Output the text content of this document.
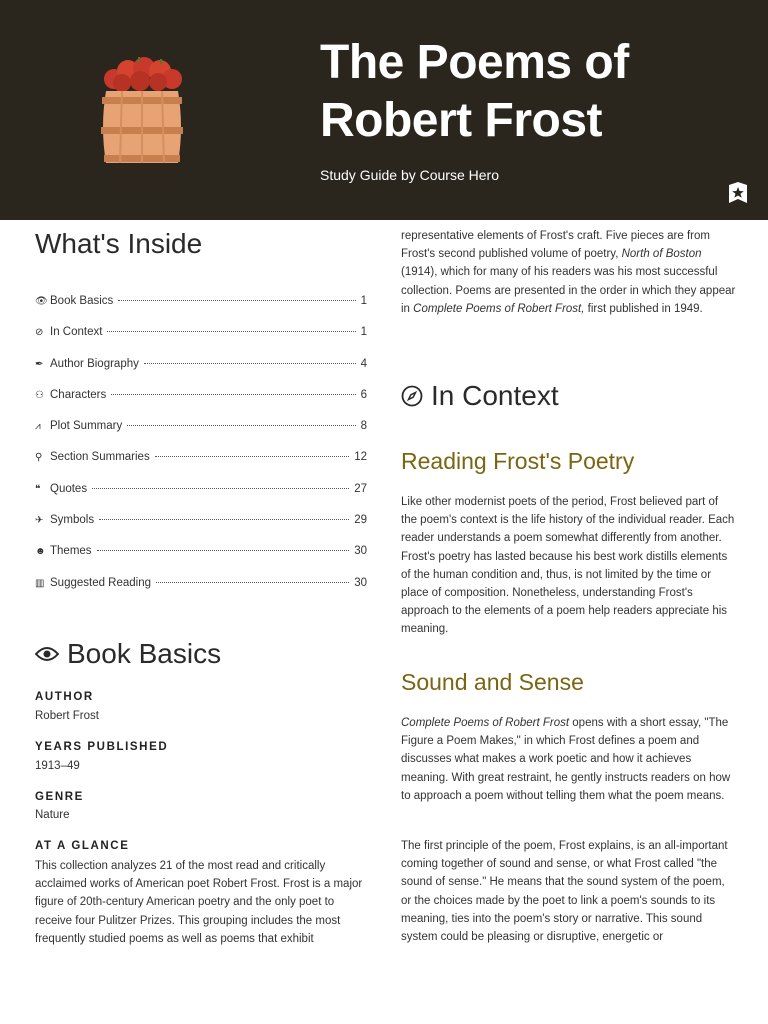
The Poems of
Robert Frost
Study Guide by Course Hero
What's Inside
👁 Book Basics	1
⊘ In Context	1
✒ Author Biography	4
⚇ Characters	6
⩘ Plot Summary	8
⚲ Section Summaries	12
❝ Quotes	27
✈ Symbols	29
☻ Themes	30
▥ Suggested Reading	30
Book Basics
AUTHOR
Robert Frost
YEARS PUBLISHED
1913–49
GENRE
Nature
AT A GLANCE
This collection analyzes 21 of the most read and critically acclaimed works of American poet Robert Frost. Frost is a major figure of 20th-century American poetry and the only poet to receive four Pulitzer Prizes. This grouping includes the most frequently studied poems as well as poems that exhibit

representative elements of Frost's craft. Five pieces are from Frost's second published volume of poetry, North of Boston (1914), which for many of his readers was his most successful collection. Poems are presented in the order in which they appear in Complete Poems of Robert Frost, first published in 1949.

In Context
Reading Frost's Poetry

Like other modernist poets of the period, Frost believed part of the poem's context is the life history of the individual reader. Each reader understands a poem somewhat differently from another. Frost's poetry has lasted because his best work distills elements of the human condition and, thus, is not limited by the time or place of composition. Nonetheless, understanding Frost's approach to the elements of a poem help readers appreciate his meaning.

Sound and Sense

Complete Poems of Robert Frost opens with a short essay, "The Figure a Poem Makes," in which Frost defines a poem and discusses what makes a work poetic and how it achieves meaning. With great restraint, he gently instructs readers on how to approach a poem without telling them what the poem means.

The first principle of the poem, Frost explains, is an all-important coming together of sound and sense, or what Frost called "the sound of sense." He means that the sound system of the poem, or the choices made by the poet to link a poem's sounds to its meaning, ties into the poem's story or narrative. This sound system could be pleasing or disruptive, energetic or
